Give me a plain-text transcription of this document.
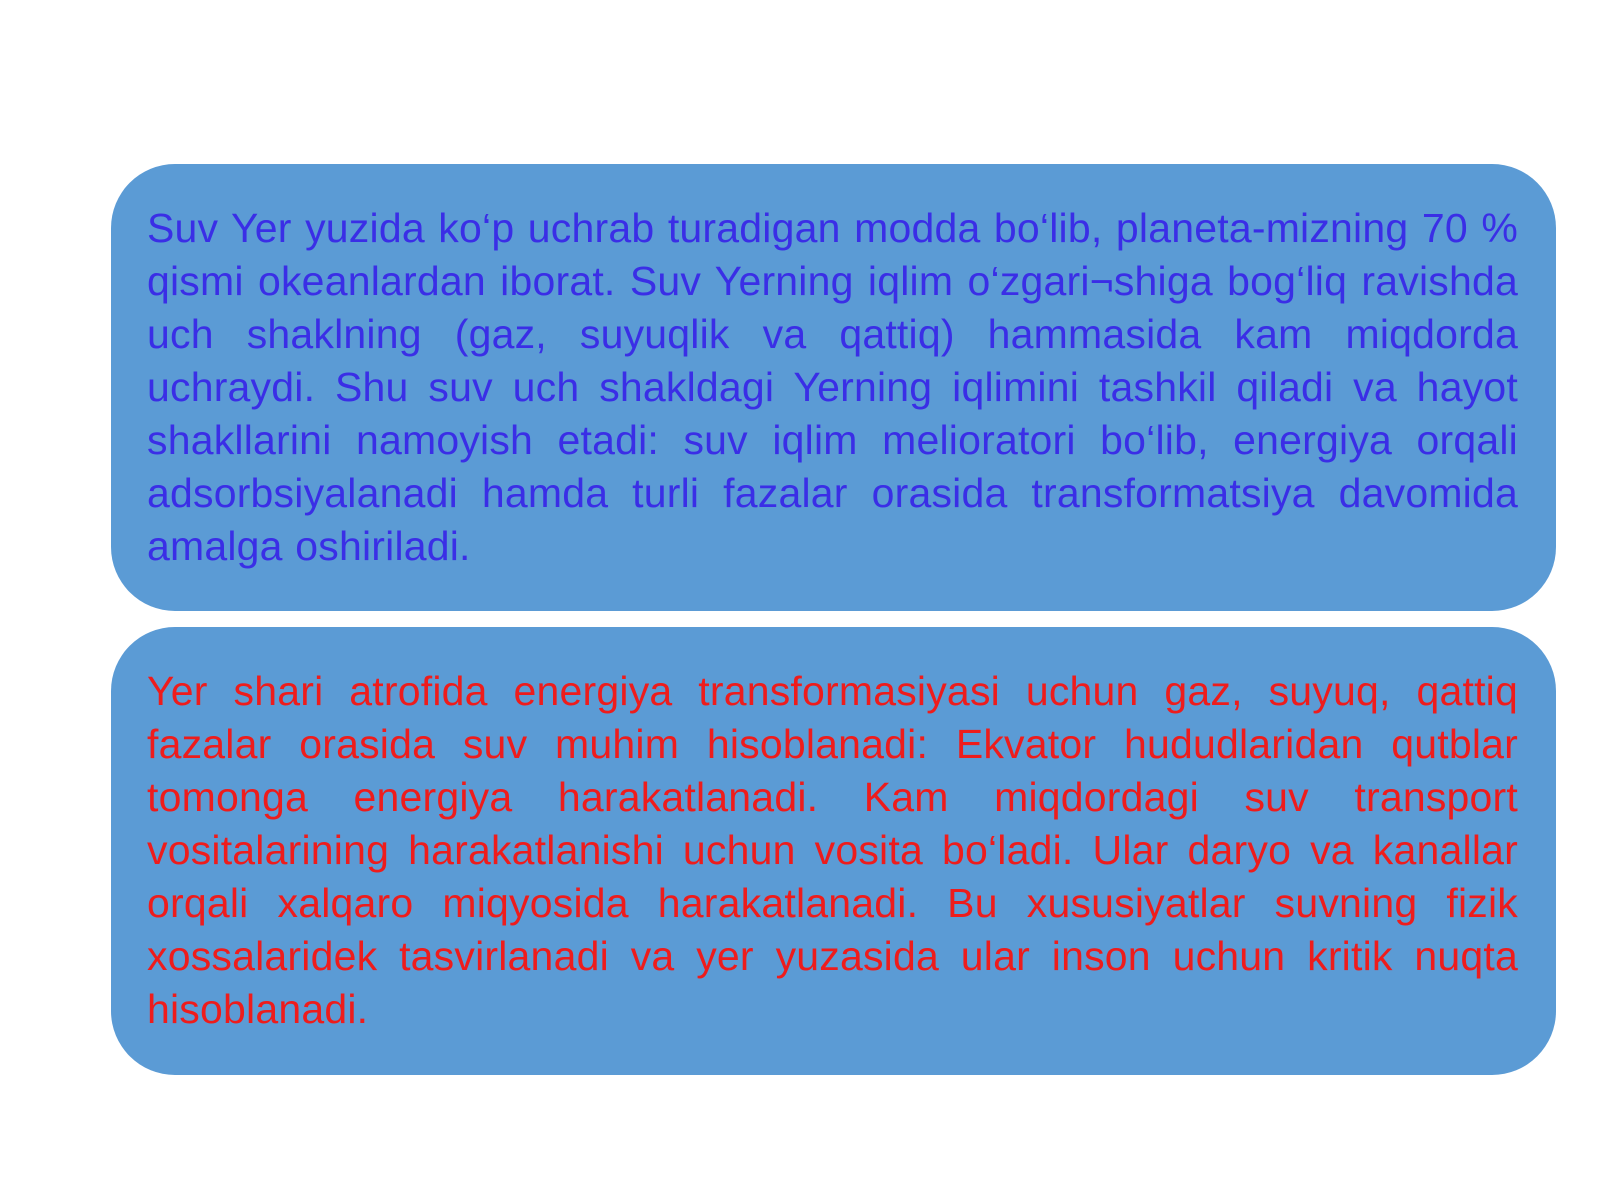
Suv Yer yuzida ko‘p uchrab turadigan modda bo‘lib, planeta-mizning 70 % qismi okeanlardan iborat. Suv Yerning iqlim o‘zgari¬shiga bog‘liq ravishda uch shaklning (gaz, suyuqlik va qattiq) hammasida kam miqdorda uchraydi. Shu suv uch shakldagi Yerning iqlimini tashkil qiladi va hayot shakllarini namoyish etadi: suv iqlim melioratori bo‘lib, energiya orqali adsorbsiyalanadi hamda turli fazalar orasida transformatsiya davomida amalga oshiriladi.

Yer shari atrofida energiya transformasiyasi uchun gaz, suyuq, qattiq fazalar orasida suv muhim hisoblanadi: Ekvator hududlaridan qutblar tomonga energiya harakatlanadi. Kam miqdordagi suv transport vositalarining harakatlanishi uchun vosita bo‘ladi. Ular daryo va kanallar orqali xalqaro miqyosida harakatlanadi. Bu xususiyatlar suvning fizik xossalaridek tasvirlanadi va yer yuzasida ular inson uchun kritik nuqta hisoblanadi.
